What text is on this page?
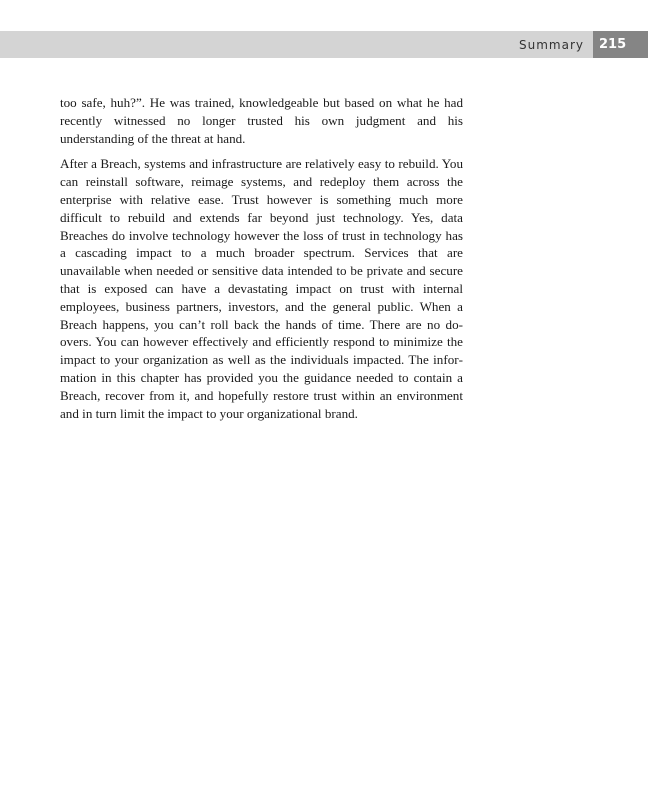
Summary 215

too safe, huh?”. He was trained, knowledgeable but based on what he had recently witnessed no longer trusted his own judgment and his understanding of the threat at hand.

After a Breach, systems and infrastructure are relatively easy to rebuild. You can reinstall software, reimage systems, and redeploy them across the enterprise with relative ease. Trust however is something much more difficult to rebuild and extends far beyond just technology. Yes, data Breaches do involve technology however the loss of trust in technology has a cascading impact to a much broader spectrum. Services that are unavailable when needed or sensitive data intended to be private and secure that is exposed can have a devastating impact on trust with internal employees, business partners, investors, and the general public. When a Breach happens, you can’t roll back the hands of time. There are no do-overs. You can however effectively and efficiently respond to minimize the impact to your organization as well as the individuals impacted. The information in this chapter has provided you the guidance needed to contain a Breach, recover from it, and hopefully restore trust within an environment and in turn limit the impact to your organizational brand.
